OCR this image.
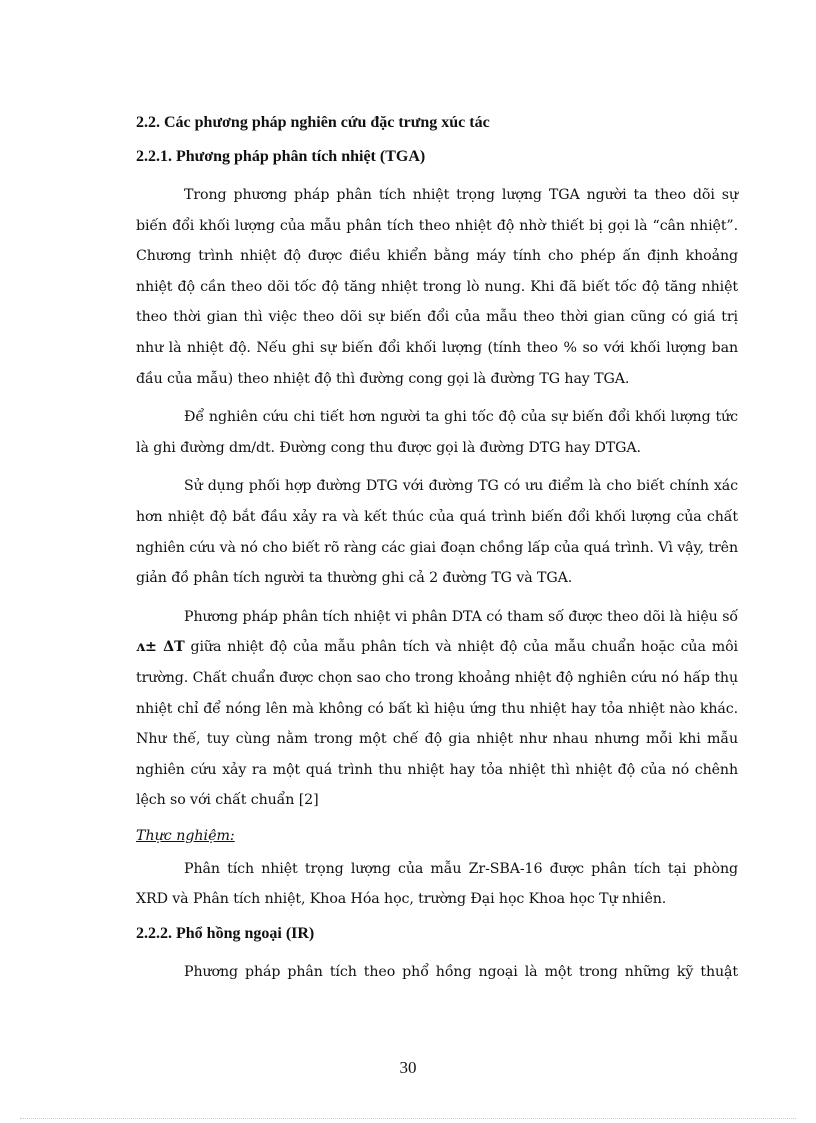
2.2. Các phương pháp nghiên cứu đặc trưng xúc tác
2.2.1. Phương pháp phân tích nhiệt (TGA)

Trong phương pháp phân tích nhiệt trọng lượng TGA người ta theo dõi sự biến đổi khối lượng của mẫu phân tích theo nhiệt độ nhờ thiết bị gọi là “cân nhiệt”. Chương trình nhiệt độ được điều khiển bằng máy tính cho phép ấn định khoảng nhiệt độ cần theo dõi tốc độ tăng nhiệt trong lò nung. Khi đã biết tốc độ tăng nhiệt theo thời gian thì việc theo dõi sự biến đổi của mẫu theo thời gian cũng có giá trị như là nhiệt độ. Nếu ghi sự biến đổi khối lượng (tính theo % so với khối lượng ban đầu của mẫu) theo nhiệt độ thì đường cong gọi là đường TG hay TGA.

Để nghiên cứu chi tiết hơn người ta ghi tốc độ của sự biến đổi khối lượng tức là ghi đường dm/dt. Đường cong thu được gọi là đường DTG hay DTGA.

Sử dụng phối hợp đường DTG với đường TG có ưu điểm là cho biết chính xác hơn nhiệt độ bắt đầu xảy ra và kết thúc của quá trình biến đổi khối lượng của chất nghiên cứu và nó cho biết rõ ràng các giai đoạn chồng lấp của quá trình. Vì vậy, trên giản đồ phân tích người ta thường ghi cả 2 đường TG và TGA.

Phương pháp phân tích nhiệt vi phân DTA có tham số được theo dõi là hiệu số ʌ± ΔT giữa nhiệt độ của mẫu phân tích và nhiệt độ của mẫu chuẩn hoặc của môi trường. Chất chuẩn được chọn sao cho trong khoảng nhiệt độ nghiên cứu nó hấp thụ nhiệt chỉ để nóng lên mà không có bất kì hiệu ứng thu nhiệt hay tỏa nhiệt nào khác. Như thế, tuy cùng nằm trong một chế độ gia nhiệt như nhau nhưng mỗi khi mẫu nghiên cứu xảy ra một quá trình thu nhiệt hay tỏa nhiệt thì nhiệt độ của nó chênh lệch so với chất chuẩn [2]

Thực nghiệm:

Phân tích nhiệt trọng lượng của mẫu Zr-SBA-16 được phân tích tại phòng XRD và Phân tích nhiệt, Khoa Hóa học, trường Đại học Khoa học Tự nhiên.

2.2.2. Phổ hồng ngoại (IR)

Phương pháp phân tích theo phổ hồng ngoại là một trong những kỹ thuật

30
